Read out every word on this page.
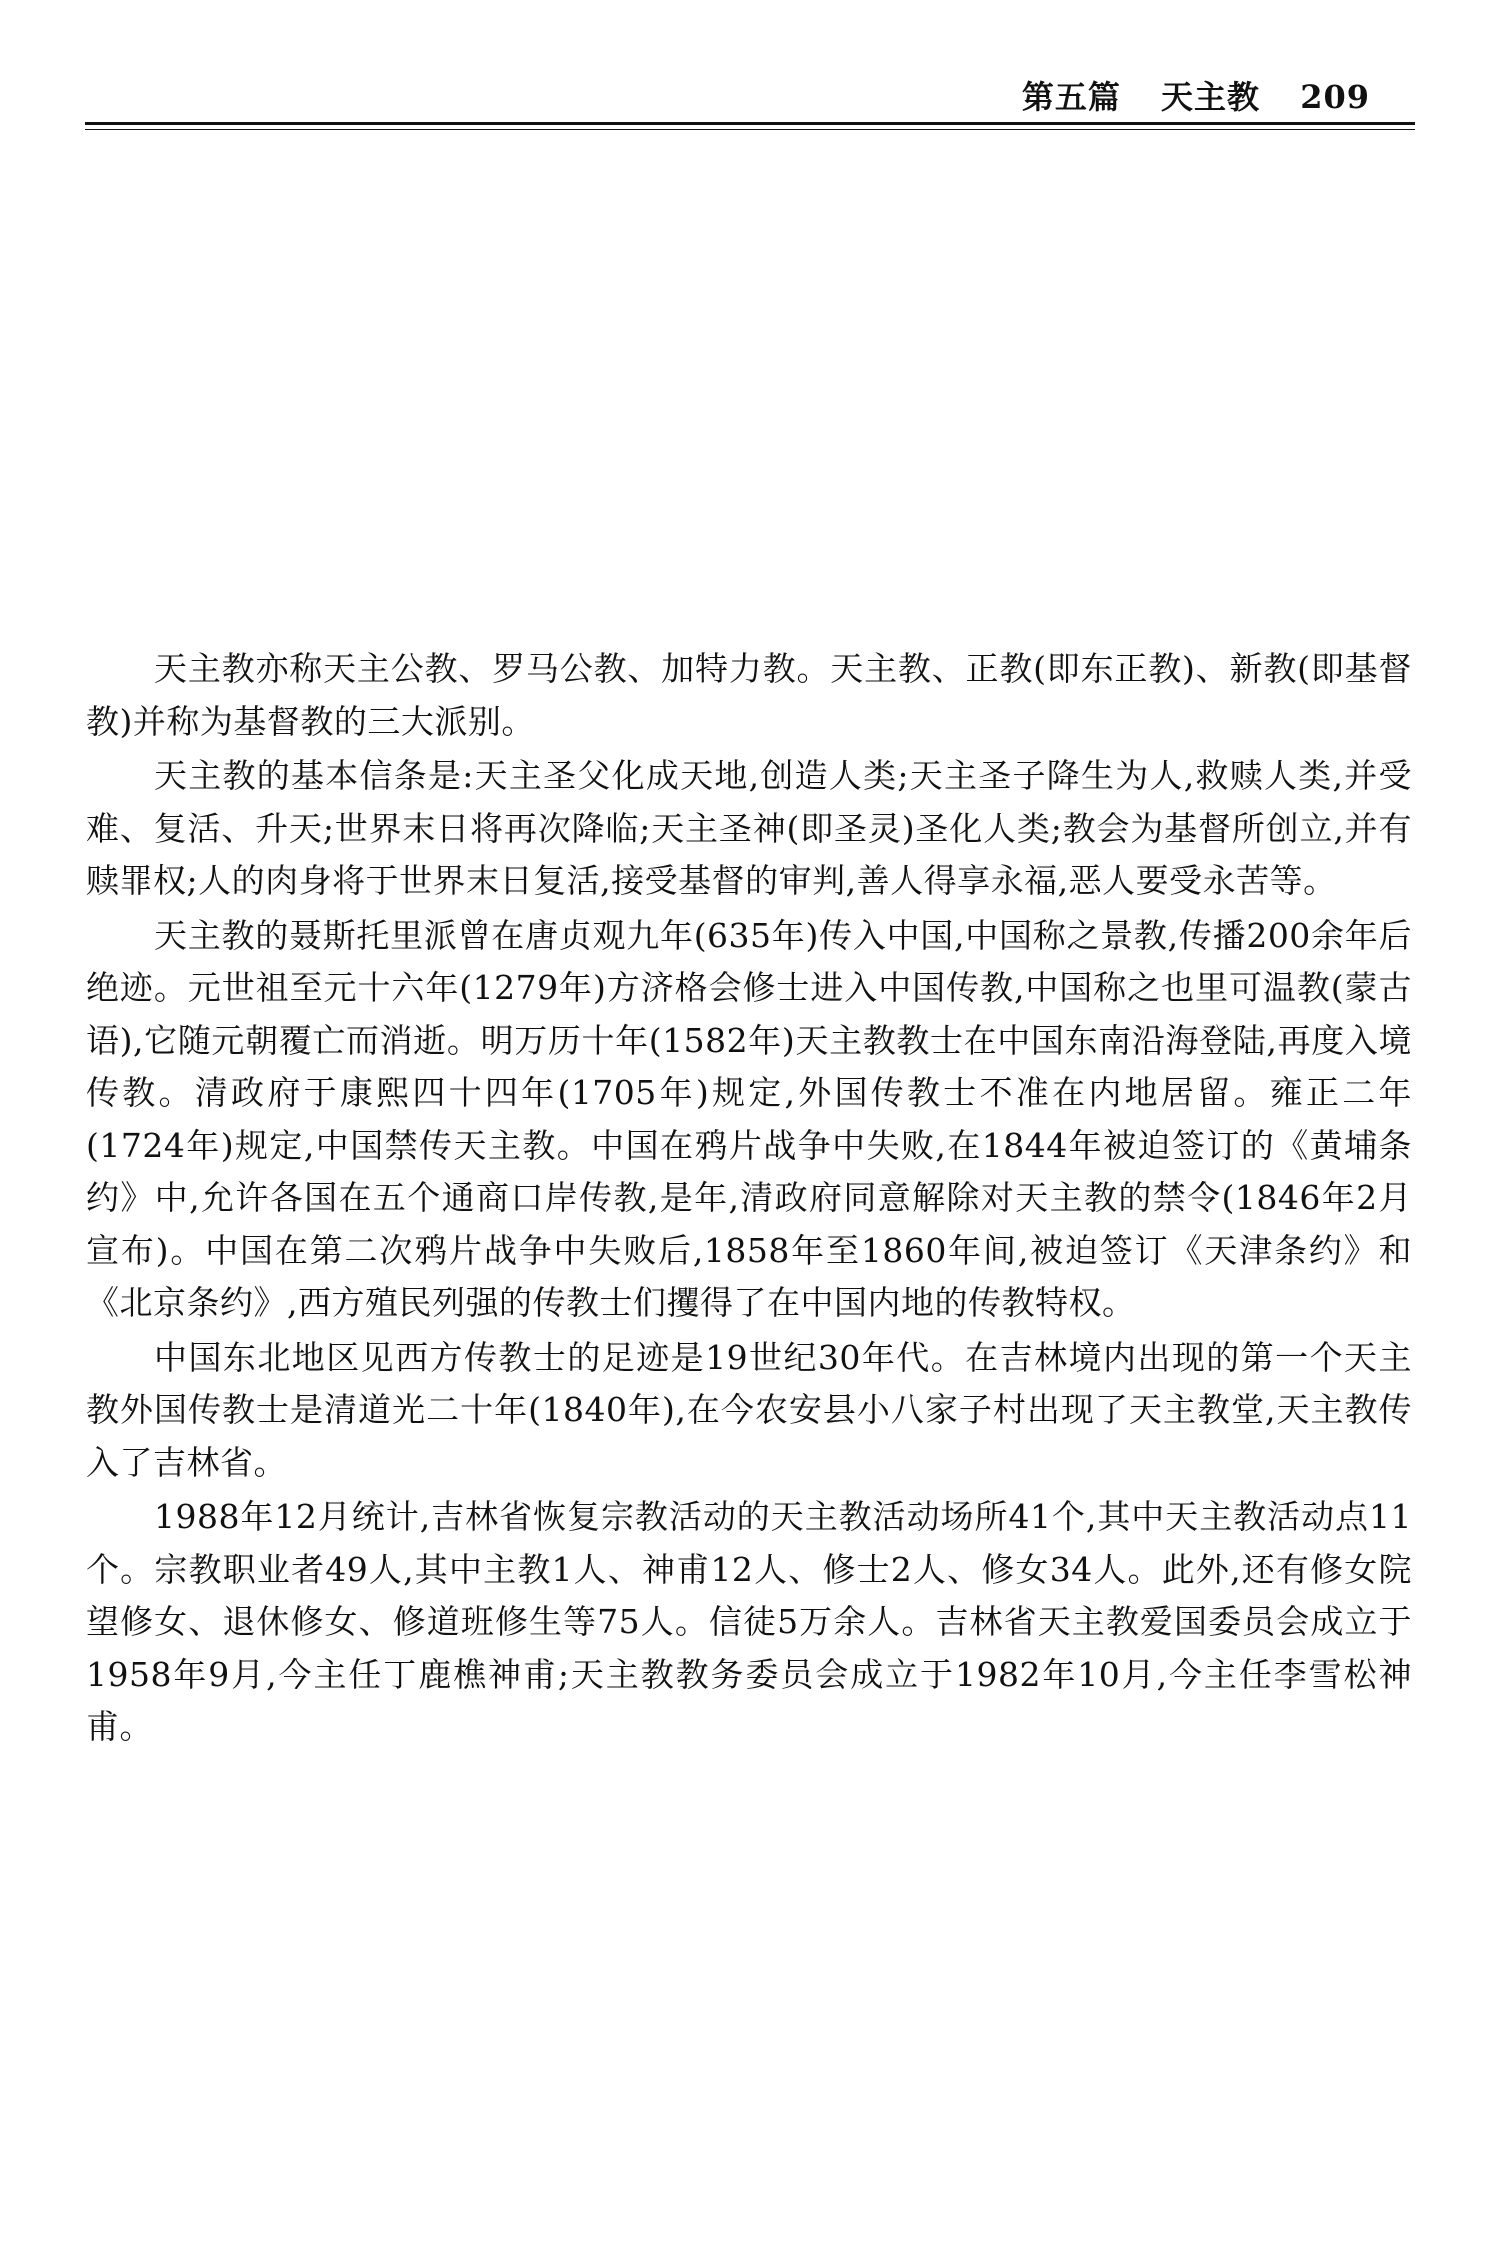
第五篇 天主教 209

天主教亦称天主公教、罗马公教、加特力教。天主教、正教(即东正教)、新教(即基督教)并称为基督教的三大派别。

天主教的基本信条是:天主圣父化成天地,创造人类;天主圣子降生为人,救赎人类,并受难、复活、升天;世界末日将再次降临;天主圣神(即圣灵)圣化人类;教会为基督所创立,并有赎罪权;人的肉身将于世界末日复活,接受基督的审判,善人得享永福,恶人要受永苦等。

天主教的聂斯托里派曾在唐贞观九年(635年)传入中国,中国称之景教,传播200余年后绝迹。元世祖至元十六年(1279年)方济格会修士进入中国传教,中国称之也里可温教(蒙古语),它随元朝覆亡而消逝。明万历十年(1582年)天主教教士在中国东南沿海登陆,再度入境传教。清政府于康熙四十四年(1705年)规定,外国传教士不准在内地居留。雍正二年(1724年)规定,中国禁传天主教。中国在鸦片战争中失败,在1844年被迫签订的《黄埔条约》中,允许各国在五个通商口岸传教,是年,清政府同意解除对天主教的禁令(1846年2月宣布)。中国在第二次鸦片战争中失败后,1858年至1860年间,被迫签订《天津条约》和《北京条约》,西方殖民列强的传教士们攫得了在中国内地的传教特权。

中国东北地区见西方传教士的足迹是19世纪30年代。在吉林境内出现的第一个天主教外国传教士是清道光二十年(1840年),在今农安县小八家子村出现了天主教堂,天主教传入了吉林省。

1988年12月统计,吉林省恢复宗教活动的天主教活动场所41个,其中天主教活动点11个。宗教职业者49人,其中主教1人、神甫12人、修士2人、修女34人。此外,还有修女院望修女、退休修女、修道班修生等75人。信徒5万余人。吉林省天主教爱国委员会成立于1958年9月,今主任丁鹿樵神甫;天主教教务委员会成立于1982年10月,今主任李雪松神甫。
